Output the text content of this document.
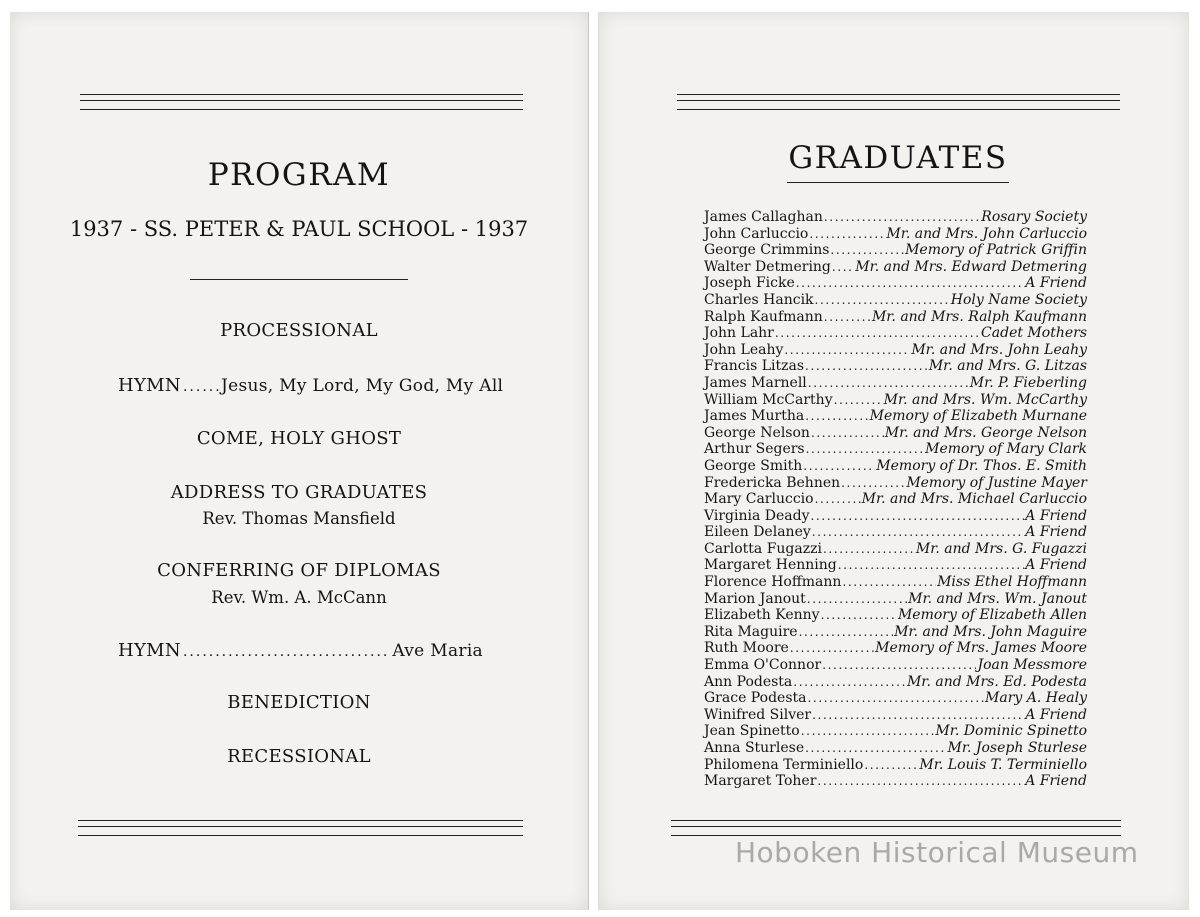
PROGRAM
1937 - SS. PETER & PAUL SCHOOL - 1937
PROCESSIONAL
HYMN ..... Jesus, My Lord, My God, My All
COME, HOLY GHOST
ADDRESS TO GRADUATES
Rev. Thomas Mansfield
CONFERRING OF DIPLOMAS
Rev. Wm. A. McCann
HYMN .....	Ave Maria
BENEDICTION
RECESSIONAL
GRADUATES
James Callaghan .....	Rosary Society
John Carluccio .....	Mr. and Mrs. John Carluccio
George Crimmins .....	Memory of Patrick Griffin
Walter Detmering ..... Mr. and Mrs. Edward Detmering
Joseph Ficke .....	A Friend
Charles Hancik .....	Holy Name Society
Ralph Kaufmann .....	Mr. and Mrs. Ralph Kaufmann
John Lahr .....	Cadet Mothers
John Leahy .....	Mr. and Mrs. John Leahy
Francis Litzas .....	Mr. and Mrs. G. Litzas
James Marnell .....	Mr. P. Fieberling
William McCarthy .....	Mr. and Mrs. Wm. McCarthy
James Murtha .....	Memory of Elizabeth Murnane
George Nelson .....	Mr. and Mrs. George Nelson
Arthur Segers .....	Memory of Mary Clark
George Smith .....	Memory of Dr. Thos. E. Smith
Fredericka Behnen .....	Memory of Justine Mayer
Mary Carluccio .....	Mr. and Mrs. Michael Carluccio
Virginia Deady .....	A Friend
Eileen Delaney .....	A Friend
Carlotta Fugazzi .....	Mr. and Mrs. G. Fugazzi
Margaret Henning .....	A Friend
Florence Hoffmann .....	Miss Ethel Hoffmann
Marion Janout .....	Mr. and Mrs. Wm. Janout
Elizabeth Kenny .....	Memory of Elizabeth Allen
Rita Maguire .....	Mr. and Mrs. John Maguire
Ruth Moore .....	Memory of Mrs. James Moore
Emma O'Connor .....	Joan Messmore
Ann Podesta .....	Mr. and Mrs. Ed. Podesta
Grace Podesta .....	Mary A. Healy
Winifred Silver .....	A Friend
Jean Spinetto .....	Mr. Dominic Spinetto
Anna Sturlese .....	Mr. Joseph Sturlese
Philomena Terminiello .....	Mr. Louis T. Terminiello
Margaret Toher .....	A Friend
Hoboken Historical Museum
